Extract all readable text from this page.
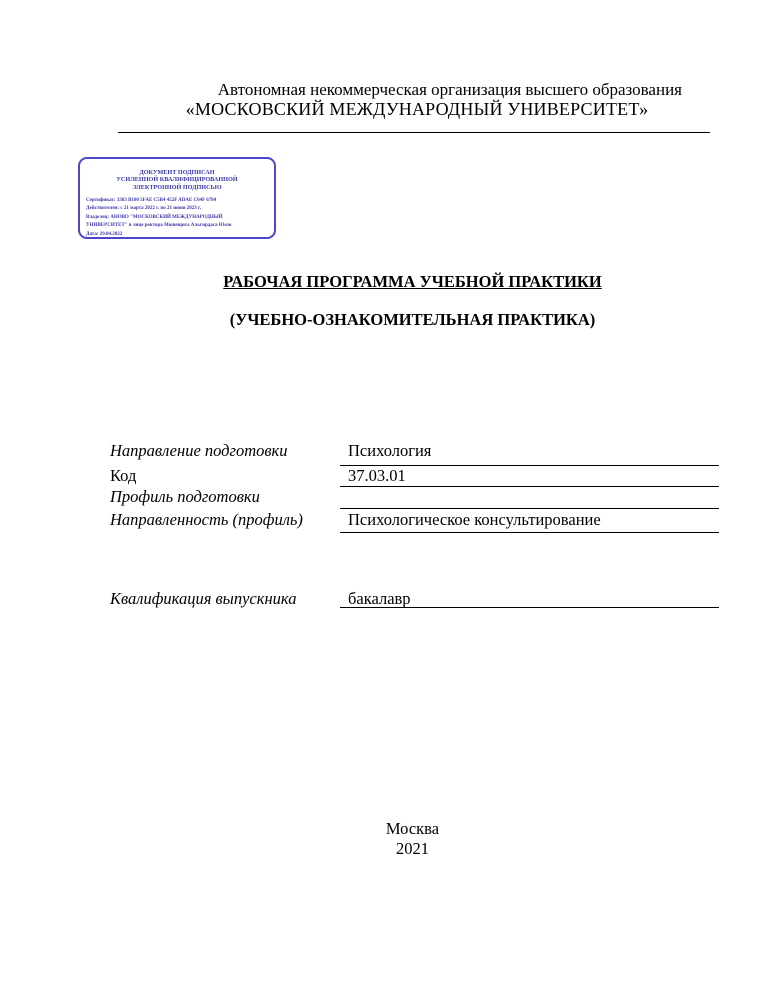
Автономная некоммерческая организация высшего образования
«МОСКОВСКИЙ МЕЖДУНАРОДНЫЙ УНИВЕРСИТЕТ»
ДОКУМЕНТ ПОДПИСАН
УСИЛЕННОЙ КВАЛИФИЦИРОВАННОЙ
ЭЛЕКТРОННОЙ ПОДПИСЬЮ
Сертификат: 3383 B100 5FAE C5B4 452F ADAE C64F 6784
Действителен: с 21 марта 2022 г. по 21 июня 2023 г.
Владелец: АНОВО "МОСКОВСКИЙ МЕЖДУНАРОДНЫЙ
УНИВЕРСИТЕТ" в лице ректора Мошещиса Альгирдаса Юозо
Дата: 29.04.2022
РАБОЧАЯ ПРОГРАММА УЧЕБНОЙ ПРАКТИКИ
(УЧЕБНО-ОЗНАКОМИТЕЛЬНАЯ ПРАКТИКА)
Направление подготовки	Психология
Код	37.03.01
Профиль подготовки
Направленность (профиль)	Психологическое консультирование
Квалификация выпускника	бакалавр
Москва
2021
